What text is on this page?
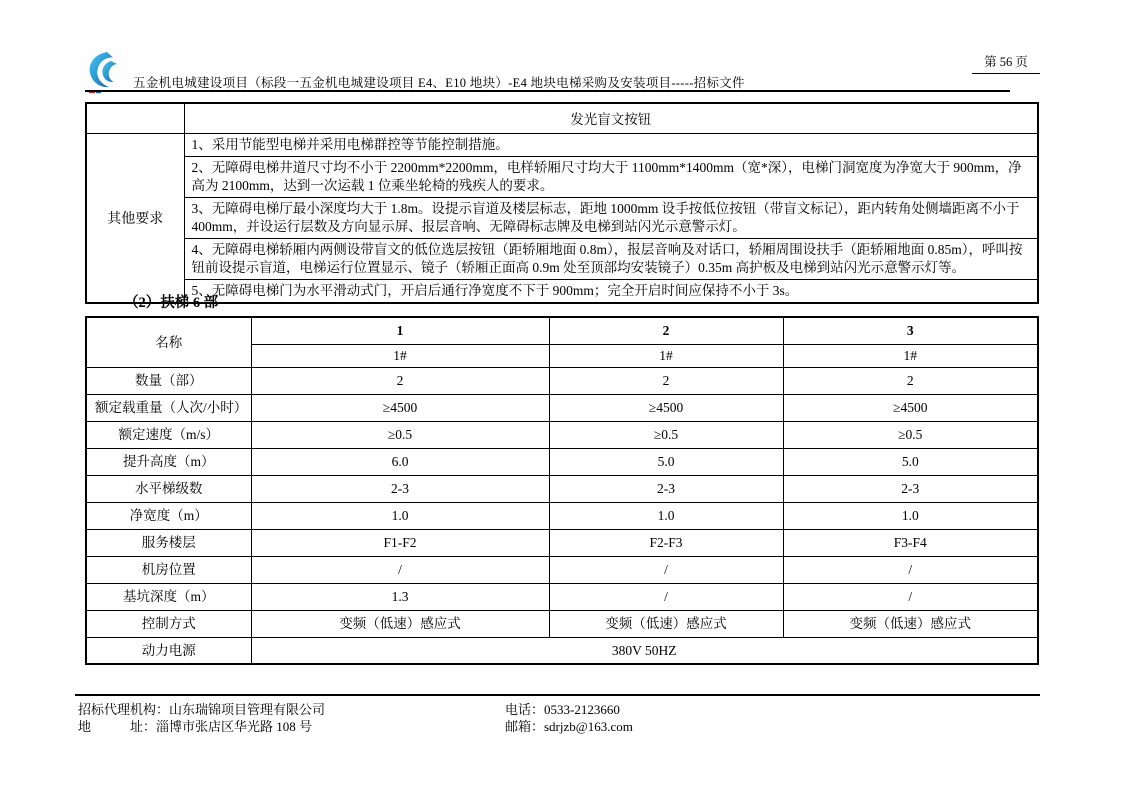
五金机电城建设项目（标段一五金机电城建设项目 E4、E10 地块）-E4 地块电梯采购及安装项目-----招标文件
第 56 页
	发光盲文按钮
其他要求	1、采用节能型电梯并采用电梯群控等节能控制措施。
	2、无障碍电梯井道尺寸均不小于 2200mm*2200mm，电样轿厢尺寸均大于 1100mm*1400mm（宽*深），电梯门洞宽度为净宽大于 900mm，净高为 2100mm，达到一次运载 1 位乘坐轮椅的残疾人的要求。
	3、无障碍电梯厅最小深度均大于 1.8m。设提示盲道及楼层标志，距地 1000mm 设手按低位按钮（带盲文标记），距内转角处侧墙距离不小于 400mm，并设运行层数及方向显示屏、报层音响、无障碍标志牌及电梯到站闪光示意警示灯。
	4、无障碍电梯轿厢内两侧设带盲文的低位选层按钮（距轿厢地面 0.8m），报层音响及对话口，轿厢周围设扶手（距轿厢地面 0.85m），呼叫按钮前设提示盲道，电梯运行位置显示、镜子（轿厢正面高 0.9m 处至顶部均安装镜子）0.35m 高护板及电梯到站闪光示意警示灯等。
	5、无障碍电梯门为水平滑动式门，开启后通行净宽度不下于 900mm；完全开启时间应保持不小于 3s。
（2）扶梯 6 部
名称	1	2	3
	1#	1#	1#
数量（部）	2	2	2
额定载重量（人次/小时）	≥4500	≥4500	≥4500
额定速度（m/s）	≥0.5	≥0.5	≥0.5
提升高度（m）	6.0	5.0	5.0
水平梯级数	2-3	2-3	2-3
净宽度（m）	1.0	1.0	1.0
服务楼层	F1-F2	F2-F3	F3-F4
机房位置	/	/	/
基坑深度（m）	1.3	/	/
控制方式	变频（低速）感应式	变频（低速）感应式	变频（低速）感应式
动力电源	380V 50HZ		
招标代理机构：山东瑞锦项目管理有限公司
地　　　址：淄博市张店区华光路 108 号
电话：0533-2123660
邮箱：sdrjzb@163.com
